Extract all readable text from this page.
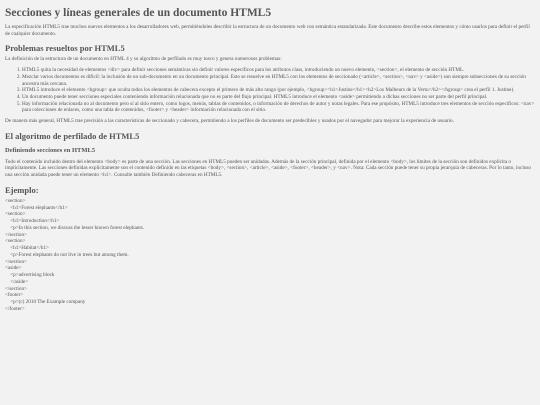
Secciones y líneas generales de un documento HTML5

La especificación HTML5 trae muchos nuevos elementos a los desarrolladores web, permitiéndoles describir la estructura de un documento web con semántica estandarizada. Este documento describe estos elementos y cómo usarlos para definir el perfil de cualquier documento.

Problemas resueltos por HTML5

La definición de la estructura de un documento en HTML 4 y su algoritmo de perfilado es muy tosco y genera numerosos problemas:

1. HTML5 quita la necesidad de elementos <div> para definir secciones semánticas sin definir valores específicos para los atributos class, introduciendo un nuevo elemento, <section>, el elemento de sección HTML.
2. Mezclar varios documentos es difícil: la inclusión de un sub-documento en un documento principal. Esto se resuelve en HTML5 con los elementos de seccionado (<article>, <section>, <nav> y <aside>) son siempre subsecciones de su sección ancestra más cercana.
3. HTML5 introduce el elemento <hgroup> que oculta todos los elementos de cabecera excepto el primero de más alto rango (por ejemplo, <hgroup><h1>Justine</h1><h2>Los Malheurs de la Vertu</h2></hgroup> crea el perfil 1. Justine).
4. Un documento puede tener secciones especiales conteniendo información relacionada que no es parte del flujo principal. HTML5 introduce el elemento <aside> permitiendo a dichas secciones no ser parte del perfil principal.
5. Hay información relacionada no al documento pero sí al sitio entero, como logos, menús, tablas de contenidos, o información de derechos de autor y notas legales. Para ese propósito, HTML5 introduce tres elementos de sección específicos: <nav> para colecciones de enlaces, como una tabla de contenidos, <footer> y <header> información relacionada con el sitio.

De manera más general, HTML5 trae precisión a las características de seccionado y cabecera, permitiendo a los perfiles de documento ser predecibles y usados por el navegador para mejorar la experiencia de usuario.

El algoritmo de perfilado de HTML5
Definiendo secciones en HTML5

Todo el contenido incluido dentro del elemento <body> es parte de una sección. Las secciones en HTML5 pueden ser anidadas. Además de la sección principal, definida por el elemento <body>, los límites de la sección son definidos explícita o implícitamente. Las secciones definidas explícitamente son el contenido definido en las etiquetas <body>, <section>, <article>, <aside>, <footer>, <header>, y <nav>. Nota: Cada sección puede tener su propia jerarquía de cabeceras. Por lo tanto, incluso una sección anidada puede tener un elemento <h1>. Consulte también Definiendo cabeceras en HTML5.

Ejemplo:
<section>
<h1>Forest elephants</h1>
<section>
<h1>Introduction</h1>
<p>In this section, we discuss the lesser known forest elephants.
</section>
<section>
<h1>Habitat</h1>
<p>Forest elephants do not live in trees but among them.
</section>
<aside>
<p>advertising block
</aside>
</section>
<footer>
<p>(c) 2010 The Example company
</footer>
